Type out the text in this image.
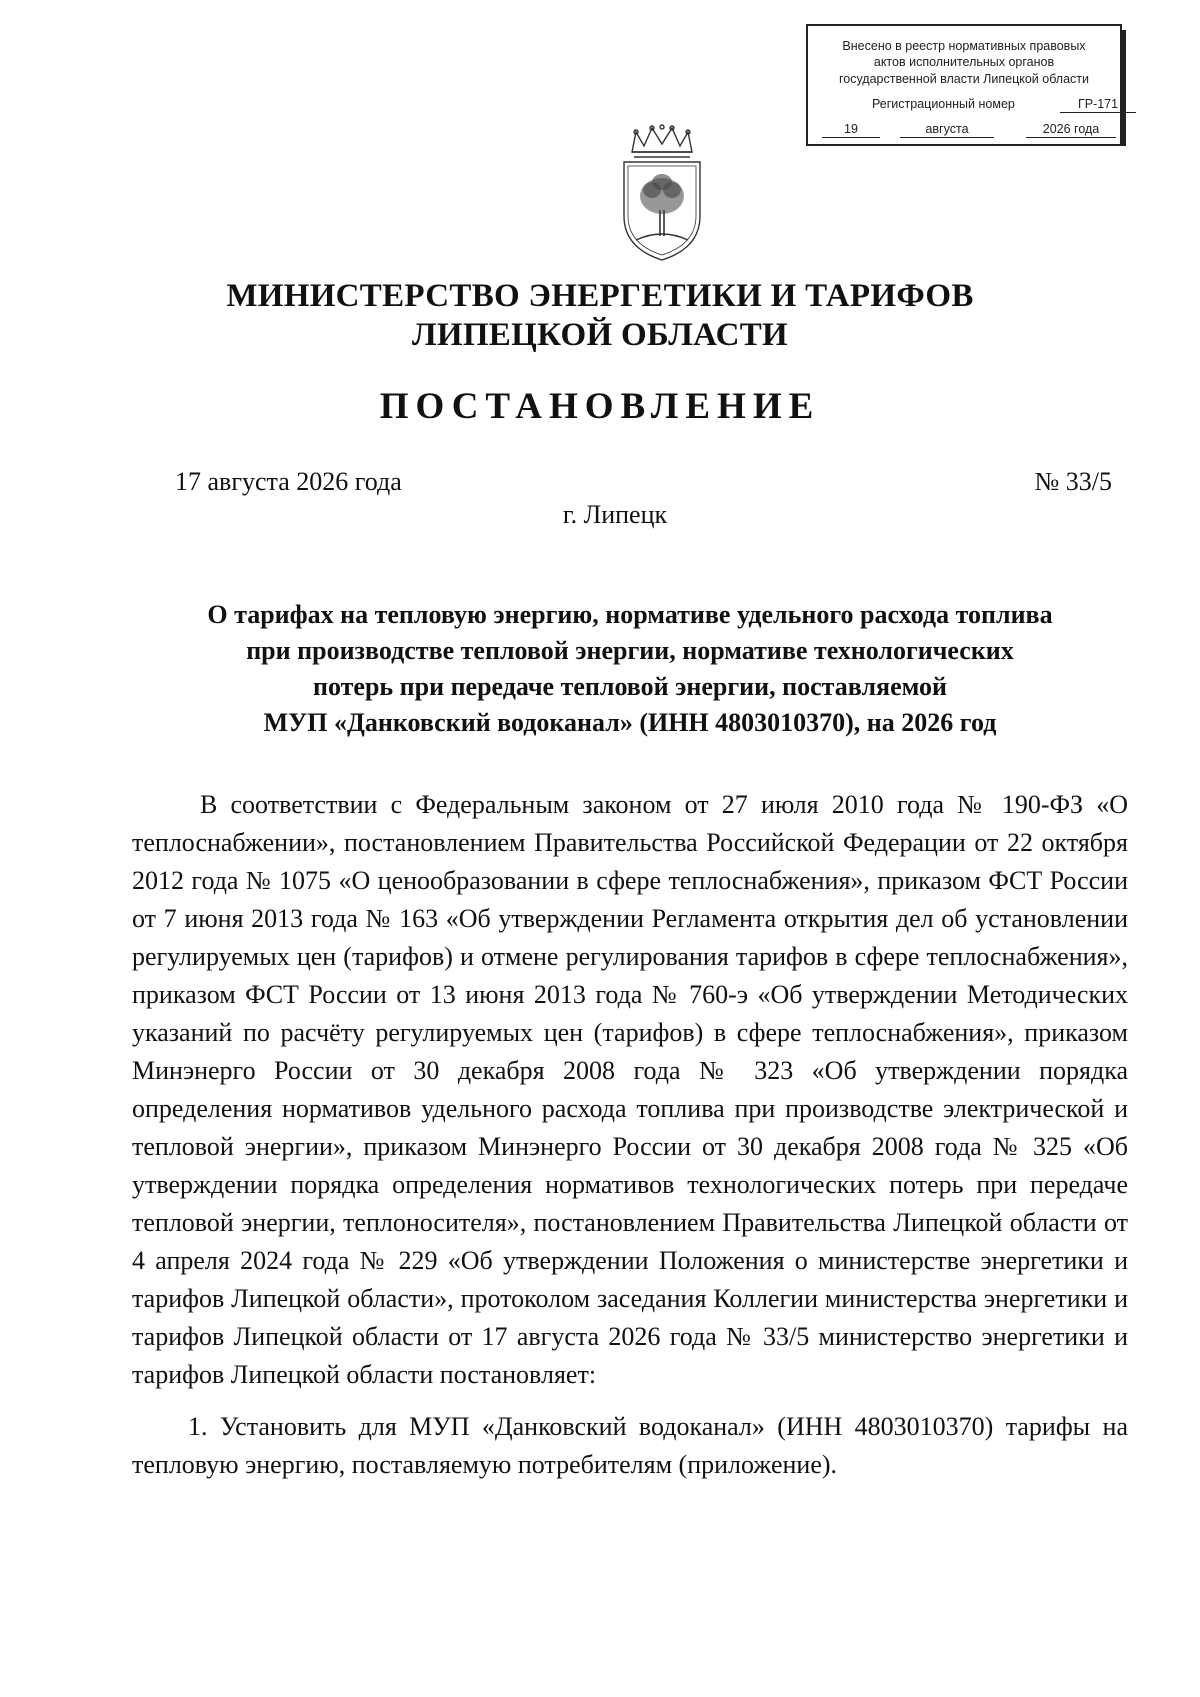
Внесено в реестр нормативных правовых
актов исполнительных органов
государственной власти Липецкой области
Регистрационный номер	ГР-171
19	августа	2026 года
МИНИСТЕРСТВО ЭНЕРГЕТИКИ И ТАРИФОВ
ЛИПЕЦКОЙ ОБЛАСТИ
ПОСТАНОВЛЕНИЕ
17 августа 2026 года	№ 33/5
г. Липецк
О тарифах на тепловую энергию, нормативе удельного расхода топлива
при производстве тепловой энергии, нормативе технологических
потерь при передаче тепловой энергии, поставляемой
МУП «Данковский водоканал» (ИНН 4803010370), на 2026 год

В соответствии с Федеральным законом от 27 июля 2010 года № 190-ФЗ «О теплоснабжении», постановлением Правительства Российской Федерации от 22 октября 2012 года № 1075 «О ценообразовании в сфере теплоснабжения», приказом ФСТ России от 7 июня 2013 года № 163 «Об утверждении Регламента открытия дел об установлении регулируемых цен (тарифов) и отмене регулирования тарифов в сфере теплоснабжения», приказом ФСТ России от 13 июня 2013 года № 760-э «Об утверждении Методических указаний по расчёту регулируемых цен (тарифов) в сфере теплоснабжения», приказом Минэнерго России от 30 декабря 2008 года № 323 «Об утверждении порядка определения нормативов удельного расхода топлива при производстве электрической и тепловой энергии», приказом Минэнерго России от 30 декабря 2008 года № 325 «Об утверждении порядка определения нормативов технологических потерь при передаче тепловой энергии, теплоносителя», постановлением Правительства Липецкой области от 4 апреля 2024 года № 229 «Об утверждении Положения о министерстве энергетики и тарифов Липецкой области», протоколом заседания Коллегии министерства энергетики и тарифов Липецкой области от 17 августа 2026 года № 33/5 министерство энергетики и тарифов Липецкой области постановляет:

1. Установить для МУП «Данковский водоканал» (ИНН 4803010370) тарифы на тепловую энергию, поставляемую потребителям (приложение).
